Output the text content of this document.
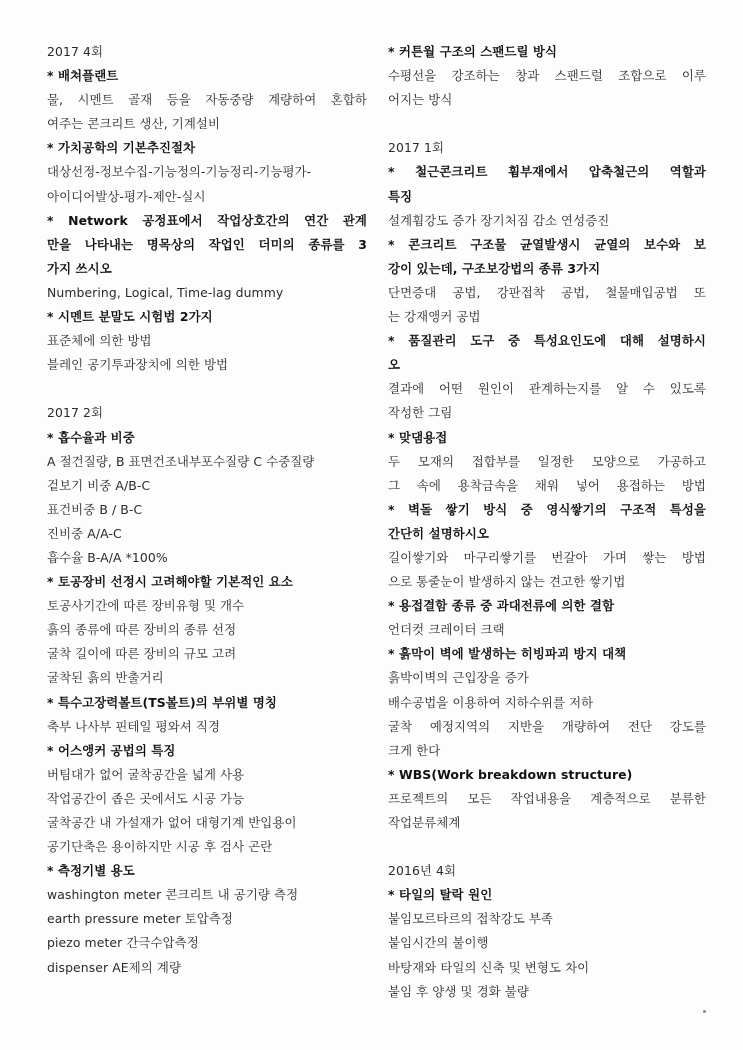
2017 4회
* 배쳐플랜트
물, 시멘트 골재 등을 자동중량 계량하여 혼합하
여주는 콘크리트 생산, 기계설비
* 가치공학의 기본추진절차
대상선정-정보수집-기능정의-기능정리-기능평가-
아이디어발상-평가-제안-실시
* Network 공정표에서 작업상호간의 연간 관계
만을 나타내는 명목상의 작업인 더미의 종류를 3
가지 쓰시오
Numbering, Logical, Time-lag dummy
* 시멘트 분말도 시험법 2가지
표준체에 의한 방법
블레인 공기투과장치에 의한 방법
2017 2회
* 흡수율과 비중
A 절건질량, B 표면건조내부포수질량 C 수중질량
겉보기 비중 A/B-C
표건비중 B / B-C
진비중 A/A-C
흡수율 B-A/A *100%
* 토공장비 선정시 고려해야할 기본적인 요소
토공사기간에 따른 장비유형 및 개수
흙의 종류에 따른 장비의 종류 선정
굴착 길이에 따른 장비의 규모 고려
굴착된 흙의 반출거리
* 특수고장력볼트(TS볼트)의 부위별 명칭
축부 나사부 핀테일 평와셔 직경
* 어스앵커 공법의 특징
버팀대가 없어 굴착공간을 넓게 사용
작업공간이 좁은 곳에서도 시공 가능
굴착공간 내 가설재가 없어 대형기계 반입용이
공기단축은 용이하지만 시공 후 검사 곤란
* 측정기별 용도
washington meter 콘크리트 내 공기량 측정
earth pressure meter 토압측정
piezo meter 간극수압측정
dispenser AE제의 계량
* 커튼월 구조의 스팬드릴 방식
수평선을 강조하는 창과 스팬드럴 조합으로 이루
어지는 방식
2017 1회
* 철근콘크리트 휨부재에서 압축철근의 역할과
특징
설계휨강도 증가 장기처짐 감소 연성증진
* 콘크리트 구조물 균열발생시 균열의 보수와 보
강이 있는데, 구조보강법의 종류 3가지
단면증대 공법, 강판접착 공법, 철물매입공법 또
는 강재앵커 공법
* 품질관리 도구 중 특성요인도에 대해 설명하시
오
결과에 어떤 원인이 관계하는지를 알 수 있도록
작성한 그림
* 맞댐용접
두 모재의 접합부를 일정한 모양으로 가공하고
그 속에 용착금속을 채워 넣어 용접하는 방법
* 벽돌 쌓기 방식 중 영식쌓기의 구조적 특성을
간단히 설명하시오
길이쌓기와 마구리쌓기를 번갈아 가며 쌓는 방법
으로 통줄눈이 발생하지 않는 견고한 쌓기법
* 용접결함 종류 중 과대전류에 의한 결함
언더컷 크레이터 크랙
* 흙막이 벽에 발생하는 히빙파괴 방지 대책
흙박이벽의 근입장을 증가
배수공법을 이용하여 지하수위를 저하
굴착 예정지역의 지반을 개량하여 전단 강도를
크게 한다
* WBS(Work breakdown structure)
프로젝트의 모든 작업내용을 계층적으로 분류한
작업분류체계
2016년 4회
* 타일의 탈락 원인
붙임모르타르의 접착강도 부족
붙임시간의 불이행
바탕재와 타일의 신축 및 변형도 차이
붙임 후 양생 및 경화 불량
